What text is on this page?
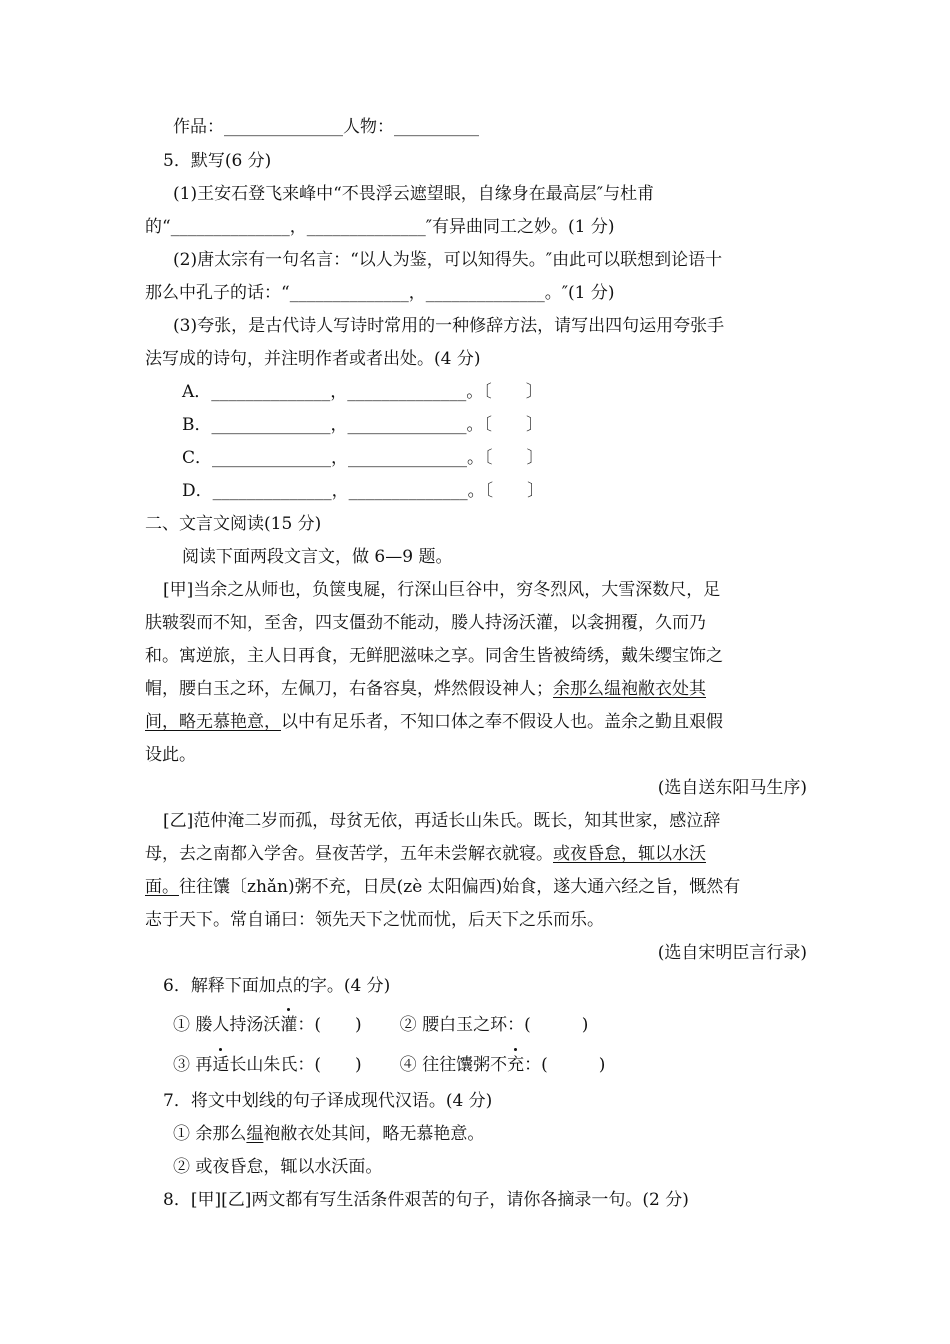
作品：______________人物：__________
5．默写(6 分)
(1)王安石登飞来峰中“不畏浮云遮望眼，自缘身在最高层″与杜甫
的“______________，______________″有异曲同工之妙。(1 分)
(2)唐太宗有一句名言：“以人为鉴，可以知得失。″由此可以联想到论语十
那么中孔子的话：“______________，______________。″(1 分)
(3)夸张，是古代诗人写诗时常用的一种修辞方法，请写出四句运用夸张手
法写成的诗句，并注明作者或者出处。(4 分)
A．______________，______________。〔　　〕
B．______________，______________。〔　　〕
C．______________，______________。〔　　〕
D．______________，______________。〔　　〕
二、文言文阅读(15 分)
阅读下面两段文言文，做 6—9 题。
[甲]当余之从师也，负箧曳屣，行深山巨谷中，穷冬烈风，大雪深数尺，足
肤皲裂而不知，至舍，四支僵劲不能动，媵人持汤沃灌，以衾拥覆，久而乃
和。寓逆旅，主人日再食，无鲜肥滋味之享。同舍生皆被绮绣，戴朱缨宝饰之
帽，腰白玉之环，左佩刀，右备容臭，烨然假设神人；余那么缊袍敝衣处其
间，略无慕艳意，以中有足乐者，不知口体之奉不假设人也。盖余之勤且艰假
设此。
(选自送东阳马生序)
[乙]范仲淹二岁而孤，母贫无依，再适长山朱氏。既长，知其世家，感泣辞
母，去之南都入学舍。昼夜苦学，五年未尝解衣就寝。或夜昏怠，辄以水沃
面。往往馕〔zhǎn)粥不充，日昃(zè 太阳偏西)始食，遂大通六经之旨，慨然有
志于天下。常自诵曰：领先天下之忧而忧，后天下之乐而乐。
(选自宋明臣言行录)
6．解释下面加点的字。(4 分)
① 媵人持汤沃灌：(　　) ② 腰白玉之环：(　　　)
③ 再适长山朱氏：(　　) ④ 往往馕粥不充：(　　　)
7．将文中划线的句子译成现代汉语。(4 分)
① 余那么缊袍敝衣处其间，略无慕艳意。
② 或夜昏怠，辄以水沃面。
8．[甲][乙]两文都有写生活条件艰苦的句子，请你各摘录一句。(2 分)
